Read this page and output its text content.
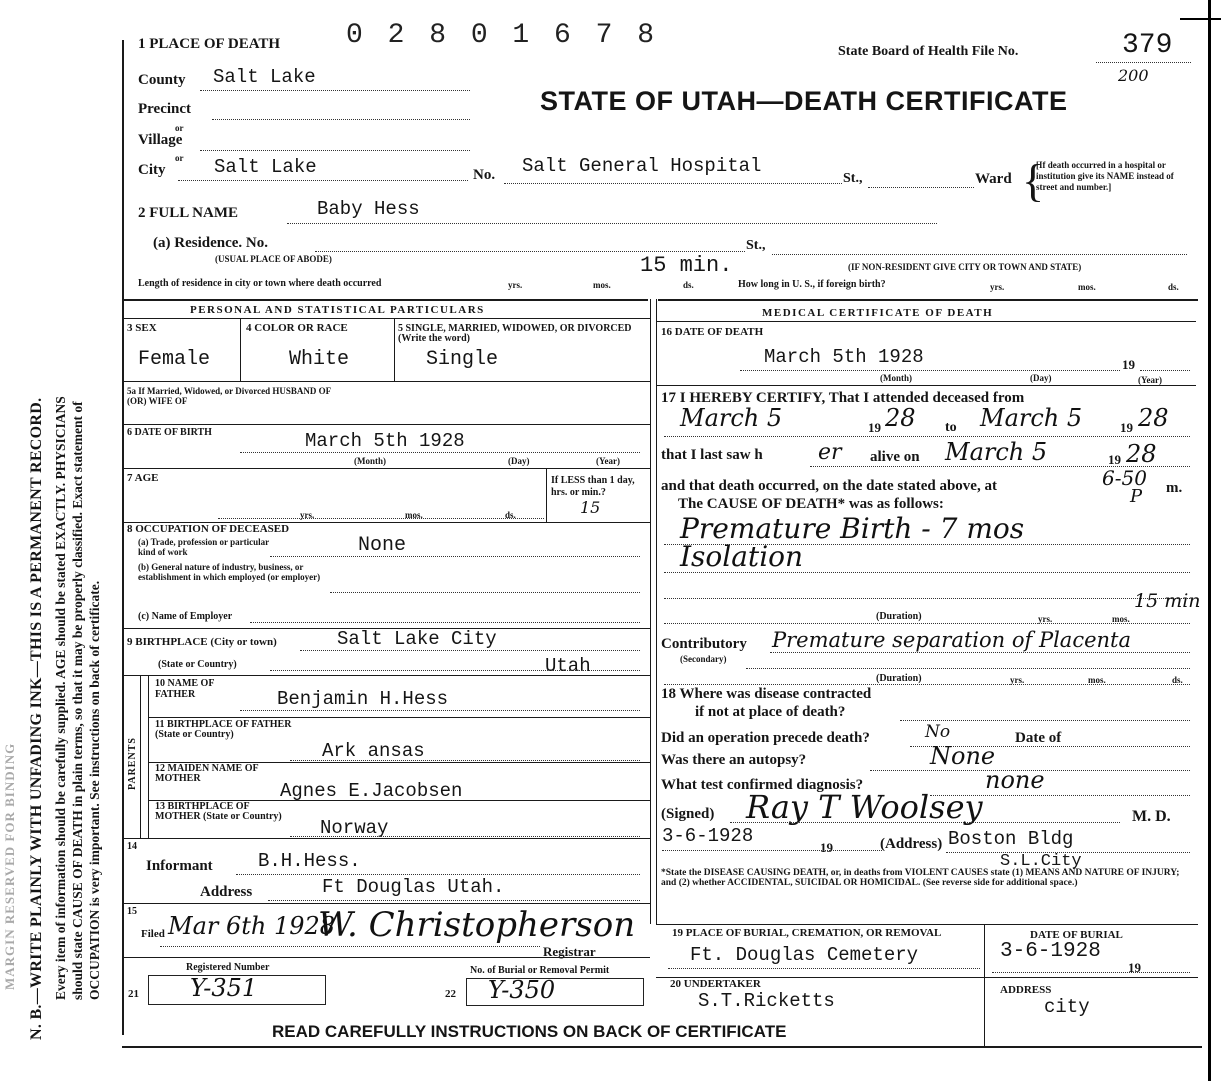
MARGIN RESERVED FOR BINDING N. B.—WRITE PLAINLY WITH UNFADING INK—THIS IS A PERMANENT RECORD. Every item of information should be carefully supplied. AGE should be stated EXACTLY. PHYSICIANS should state CAUSE OF DEATH in plain terms, so that it may be properly classified. Exact statement of OCCUPATION is very important. See instructions on back of certificate.
1 PLACE OF DEATH 0 2 8 0 1 6 7 8
State Board of Health File No.	379
200
STATE OF UTAH—DEATH CERTIFICATE
County Salt Lake
Precinct
or
Village
or
City	Salt Lake	No. Salt General Hospital
St.,	Ward {
[If death occurred in a hospital or institution give its NAME instead of street and number.]
2 FULL NAME	Baby Hess
(a) Residence. No.
(USUAL PLACE OF ABODE)
St.,
(IF NON-RESIDENT GIVE CITY OR TOWN AND STATE)
Length of residence in city or town where death occurred	yrs.	mos.
15 min.
ds.	How long in U. S., if foreign birth?	yrs.	mos.	ds.
PERSONAL AND STATISTICAL PARTICULARS	MEDICAL CERTIFICATE OF DEATH
3 SEX
Female
4 COLOR OR RACE
White
5 SINGLE, MARRIED, WIDOWED, OR DIVORCED (Write the word)
Single
5a If Married, Widowed, or Divorced HUSBAND OF (OR) WIFE OF
6 DATE OF BIRTH	March 5th 1928
(Month)	(Day)	(Year)
7 AGE	If LESS than 1 day, hrs. or min.?
15
yrs.	mos.	ds.
8 OCCUPATION OF DECEASED
(a) Trade, profession or particular kind of work	None
(b) General nature of industry, business, or establishment in which employed (or employer)
(c) Name of Employer
9 BIRTHPLACE (City or town)	Salt Lake City
(State or Country)	Utah
PARENTS
10 NAME OF FATHER	Benjamin H.Hess
11 BIRTHPLACE OF FATHER (State or Country)
Ark ansas
12 MAIDEN NAME OF MOTHER
Agnes E.Jacobsen
13 BIRTHPLACE OF MOTHER (State or Country)
Norway
14
Informant B.H.Hess.
Address	Ft Douglas Utah.
15
Filed Mar 6th 1928
W. Christopherson
Registrar
Registered Number	No. of Burial or Removal Permit
21 Y-351	22 Y-350
16 DATE OF DEATH
March 5th 1928	19
(Month)	(Day)	(Year)
17 I HEREBY CERTIFY, That I attended deceased from
March 5	19 28 to March 5	19 28
that I last saw h	er alive on March 5	19 28
and that death occurred, on the date stated above, at	6-50
P m.
The CAUSE OF DEATH* was as follows:
Premature Birth - 7 mos
Isolation
(Duration)	yrs.	mos.
15 min
Contributory
(Secondary)
Premature separation of Placenta
(Duration)	yrs.	mos.	ds.
18 Where was disease contracted
if not at place of death?
Did an operation precede death?	No	Date of
Was there an autopsy?	None
What test confirmed diagnosis?	none
(Signed) Ray T Woolsey	M. D.
3-6-1928
19	(Address) Boston Bldg
S.L.City
*State the DISEASE CAUSING DEATH, or, in deaths from VIOLENT CAUSES state (1) MEANS AND NATURE OF INJURY; and (2) whether ACCIDENTAL, SUICIDAL OR HOMICIDAL. (See reverse side for additional space.)
19 PLACE OF BURIAL, CREMATION, OR REMOVAL
Ft. Douglas Cemetery
DATE OF BURIAL
3-6-1928
19
20 UNDERTAKER
S.T.Ricketts	ADDRESS
city
READ CAREFULLY INSTRUCTIONS ON BACK OF CERTIFICATE
